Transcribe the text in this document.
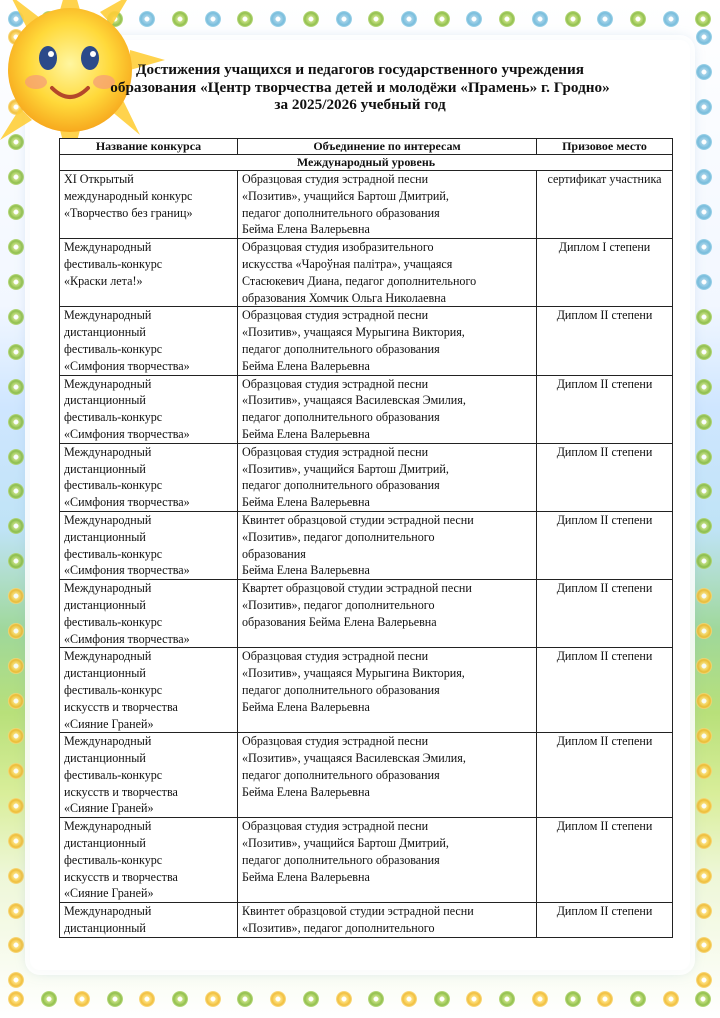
Достижения учащихся и педагогов государственного учреждения
образования «Центр творчества детей и молодёжи «Прамень» г. Гродно»
за 2025/2026 учебный год
Название конкурса	Объединение по интересам	Призовое место
Международный уровень		
XI Открытый
международный конкурс
«Творчество без границ»	Образцовая студия эстрадной песни
«Позитив», учащийся Бартош Дмитрий,
педагог дополнительного образования
Бейма Елена Валерьевна	сертификат участника
Международный
фестиваль-конкурс
«Краски лета!»	Образцовая студия изобразительного
искусства «Чароўная палітра», учащаяся
Стасюкевич Диана, педагог дополнительного
образования Хомчик Ольга Николаевна	Диплом I степени
Международный
дистанционный
фестиваль-конкурс
«Симфония творчества»	Образцовая студия эстрадной песни
«Позитив», учащаяся Мурыгина Виктория,
педагог дополнительного образования
Бейма Елена Валерьевна	Диплом II степени
Международный
дистанционный
фестиваль-конкурс
«Симфония творчества»	Образцовая студия эстрадной песни
«Позитив», учащаяся Василевская Эмилия,
педагог дополнительного образования
Бейма Елена Валерьевна	Диплом II степени
Международный
дистанционный
фестиваль-конкурс
«Симфония творчества»	Образцовая студия эстрадной песни
«Позитив», учащийся Бартош Дмитрий,
педагог дополнительного образования
Бейма Елена Валерьевна	Диплом II степени
Международный
дистанционный
фестиваль-конкурс
«Симфония творчества»	Квинтет образцовой студии эстрадной песни
«Позитив», педагог дополнительного
образования
Бейма Елена Валерьевна	Диплом II степени
Международный
дистанционный
фестиваль-конкурс
«Симфония творчества»	Квартет образцовой студии эстрадной песни
«Позитив», педагог дополнительного
образования Бейма Елена Валерьевна	Диплом II степени
Международный
дистанционный
фестиваль-конкурс
искусств и творчества
«Сияние Граней»	Образцовая студия эстрадной песни
«Позитив», учащаяся Мурыгина Виктория,
педагог дополнительного образования
Бейма Елена Валерьевна	Диплом II степени
Международный
дистанционный
фестиваль-конкурс
искусств и творчества
«Сияние Граней»	Образцовая студия эстрадной песни
«Позитив», учащаяся Василевская Эмилия,
педагог дополнительного образования
Бейма Елена Валерьевна	Диплом II степени
Международный
дистанционный
фестиваль-конкурс
искусств и творчества
«Сияние Граней»	Образцовая студия эстрадной песни
«Позитив», учащийся Бартош Дмитрий,
педагог дополнительного образования
Бейма Елена Валерьевна	Диплом II степени
Международный
дистанционный	Квинтет образцовой студии эстрадной песни
«Позитив», педагог дополнительного	Диплом II степени
